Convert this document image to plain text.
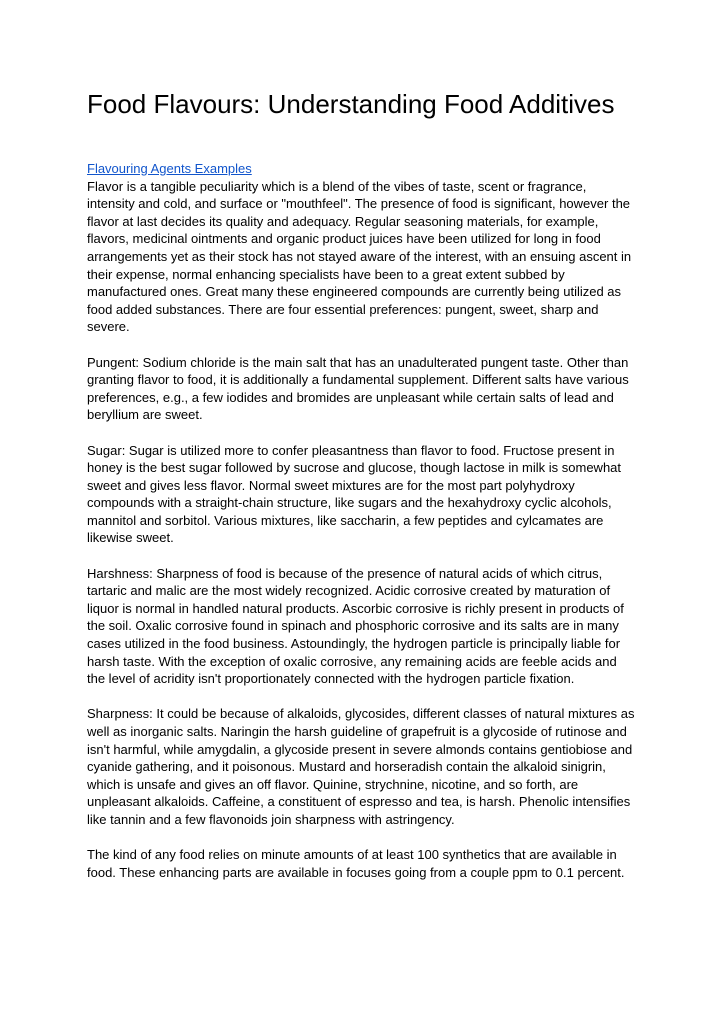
Food Flavours: Understanding Food Additives
Flavouring Agents Examples

Flavor is a tangible peculiarity which is a blend of the vibes of taste, scent or fragrance, intensity and cold, and surface or "mouthfeel". The presence of food is significant, however the flavor at last decides its quality and adequacy. Regular seasoning materials, for example, flavors, medicinal ointments and organic product juices have been utilized for long in food arrangements yet as their stock has not stayed aware of the interest, with an ensuing ascent in their expense, normal enhancing specialists have been to a great extent subbed by manufactured ones. Great many these engineered compounds are currently being utilized as food added substances. There are four essential preferences: pungent, sweet, sharp and severe.

Pungent: Sodium chloride is the main salt that has an unadulterated pungent taste. Other than granting flavor to food, it is additionally a fundamental supplement. Different salts have various preferences, e.g., a few iodides and bromides are unpleasant while certain salts of lead and beryllium are sweet.

Sugar: Sugar is utilized more to confer pleasantness than flavor to food. Fructose present in honey is the best sugar followed by sucrose and glucose, though lactose in milk is somewhat sweet and gives less flavor. Normal sweet mixtures are for the most part polyhydroxy compounds with a straight-chain structure, like sugars and the hexahydroxy cyclic alcohols, mannitol and sorbitol. Various mixtures, like saccharin, a few peptides and cylcamates are likewise sweet.

Harshness: Sharpness of food is because of the presence of natural acids of which citrus, tartaric and malic are the most widely recognized. Acidic corrosive created by maturation of liquor is normal in handled natural products. Ascorbic corrosive is richly present in products of the soil. Oxalic corrosive found in spinach and phosphoric corrosive and its salts are in many cases utilized in the food business. Astoundingly, the hydrogen particle is principally liable for harsh taste. With the exception of oxalic corrosive, any remaining acids are feeble acids and the level of acridity isn't proportionately connected with the hydrogen particle fixation.

Sharpness: It could be because of alkaloids, glycosides, different classes of natural mixtures as well as inorganic salts. Naringin the harsh guideline of grapefruit is a glycoside of rutinose and isn't harmful, while amygdalin, a glycoside present in severe almonds contains gentiobiose and cyanide gathering, and it poisonous. Mustard and horseradish contain the alkaloid sinigrin, which is unsafe and gives an off flavor. Quinine, strychnine, nicotine, and so forth, are unpleasant alkaloids. Caffeine, a constituent of espresso and tea, is harsh. Phenolic intensifies like tannin and a few flavonoids join sharpness with astringency.

The kind of any food relies on minute amounts of at least 100 synthetics that are available in food. These enhancing parts are available in focuses going from a couple ppm to 0.1 percent.
